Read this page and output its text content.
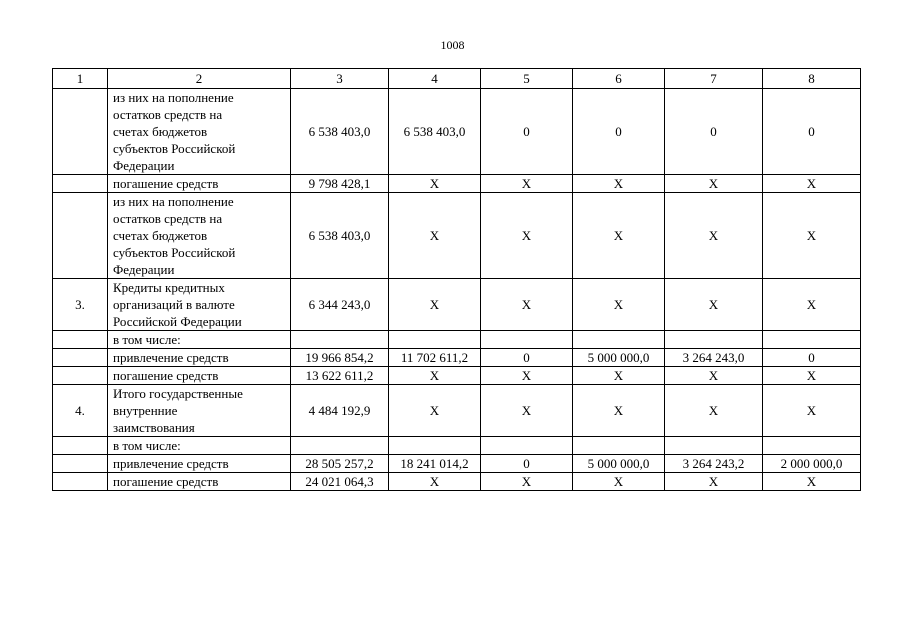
1008
1	2	3	4	5	6	7	8

	из них на пополнение
остатков средств на
счетах бюджетов
субъектов Российской
Федерации	6 538 403,0	6 538 403,0	0	0	0	0

	погашение средств	9 798 428,1	Х	Х	Х	Х	Х

	из них на пополнение
остатков средств на
счетах бюджетов
субъектов Российской
Федерации	6 538 403,0	Х	Х	Х	Х	Х
3.	Кредиты кредитных
организаций в валюте
Российской Федерации	6 344 243,0	Х	Х	Х	Х	Х

	в том числе:						

	привлечение средств	19 966 854,2	11 702 611,2	0	5 000 000,0	3 264 243,0	0

	погашение средств	13 622 611,2	Х	Х	Х	Х	Х
4.	Итого государственные
внутренние
заимствования	4 484 192,9	Х	Х	Х	Х	Х

	в том числе:						

	привлечение средств	28 505 257,2	18 241 014,2	0	5 000 000,0	3 264 243,2	2 000 000,0

	погашение средств	24 021 064,3	Х	Х	Х	Х	Х
